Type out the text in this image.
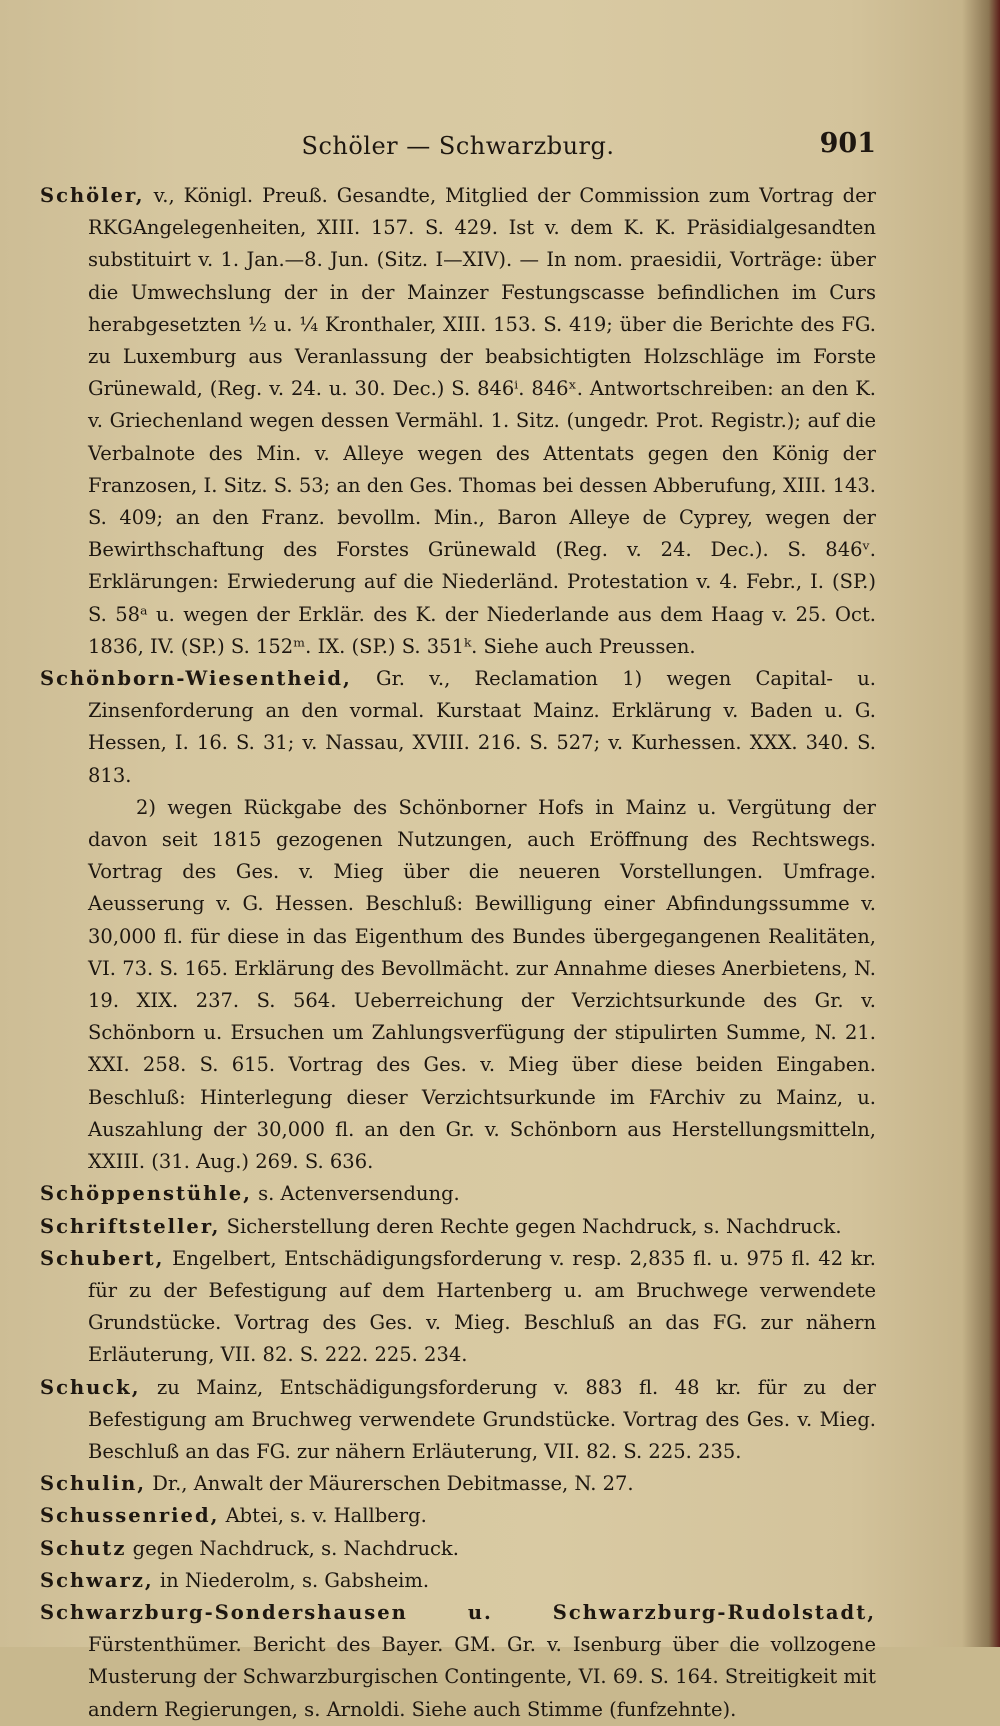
Schöler — Schwarzburg.	901

Schöler, v., Königl. Preuß. Gesandte, Mitglied der Commission zum Vortrag der RKGAngelegenheiten, XIII. 157. S. 429. Ist v. dem K. K. Präsidialgesandten substituirt v. 1. Jan.—8. Jun. (Sitz. I—XIV). — In nom. praesidii, Vorträge: über die Umwechslung der in der Mainzer Festungscasse befindlichen im Curs herabgesetzten ½ u. ¼ Kronthaler, XIII. 153. S. 419; über die Berichte des FG. zu Luxemburg aus Veranlassung der beabsichtigten Holzschläge im Forste Grünewald, (Reg. v. 24. u. 30. Dec.) S. 846ⁱ. 846ˣ. Antwortschreiben: an den K. v. Griechenland wegen dessen Vermähl. 1. Sitz. (ungedr. Prot. Registr.); auf die Verbalnote des Min. v. Alleye wegen des Attentats gegen den König der Franzosen, I. Sitz. S. 53; an den Ges. Thomas bei dessen Abberufung, XIII. 143. S. 409; an den Franz. bevollm. Min., Baron Alleye de Cyprey, wegen der Bewirthschaftung des Forstes Grünewald (Reg. v. 24. Dec.). S. 846ᵛ. Erklärungen: Erwiederung auf die Niederländ. Protestation v. 4. Febr., I. (SP.) S. 58ᵃ u. wegen der Erklär. des K. der Niederlande aus dem Haag v. 25. Oct. 1836, IV. (SP.) S. 152ᵐ. IX. (SP.) S. 351ᵏ. Siehe auch Preussen.

Schönborn-Wiesentheid, Gr. v., Reclamation 1) wegen Capital- u. Zinsenforderung an den vormal. Kurstaat Mainz. Erklärung v. Baden u. G. Hessen, I. 16. S. 31; v. Nassau, XVIII. 216. S. 527; v. Kurhessen. XXX. 340. S. 813.

2) wegen Rückgabe des Schönborner Hofs in Mainz u. Vergütung der davon seit 1815 gezogenen Nutzungen, auch Eröffnung des Rechtswegs. Vortrag des Ges. v. Mieg über die neueren Vorstellungen. Umfrage. Aeusserung v. G. Hessen. Beschluß: Bewilligung einer Abfindungssumme v. 30,000 fl. für diese in das Eigenthum des Bundes übergegangenen Realitäten, VI. 73. S. 165. Erklärung des Bevollmächt. zur Annahme dieses Anerbietens, N. 19. XIX. 237. S. 564. Ueberreichung der Verzichtsurkunde des Gr. v. Schönborn u. Ersuchen um Zahlungsverfügung der stipulirten Summe, N. 21. XXI. 258. S. 615. Vortrag des Ges. v. Mieg über diese beiden Eingaben. Beschluß: Hinterlegung dieser Verzichtsurkunde im FArchiv zu Mainz, u. Auszahlung der 30,000 fl. an den Gr. v. Schönborn aus Herstellungsmitteln, XXIII. (31. Aug.) 269. S. 636.

Schöppenstühle, s. Actenversendung.

Schriftsteller, Sicherstellung deren Rechte gegen Nachdruck, s. Nachdruck.

Schubert, Engelbert, Entschädigungsforderung v. resp. 2,835 fl. u. 975 fl. 42 kr. für zu der Befestigung auf dem Hartenberg u. am Bruchwege verwendete Grundstücke. Vortrag des Ges. v. Mieg. Beschluß an das FG. zur nähern Erläuterung, VII. 82. S. 222. 225. 234.

Schuck, zu Mainz, Entschädigungsforderung v. 883 fl. 48 kr. für zu der Befestigung am Bruchweg verwendete Grundstücke. Vortrag des Ges. v. Mieg. Beschluß an das FG. zur nähern Erläuterung, VII. 82. S. 225. 235.

Schulin, Dr., Anwalt der Mäurerschen Debitmasse, N. 27.

Schussenried, Abtei, s. v. Hallberg.

Schutz gegen Nachdruck, s. Nachdruck.

Schwarz, in Niederolm, s. Gabsheim.

Schwarzburg-Sondershausen u. Schwarzburg-Rudolstadt, Fürstenthümer. Bericht des Bayer. GM. Gr. v. Isenburg über die vollzogene Musterung der Schwarzburgischen Contingente, VI. 69. S. 164. Streitigkeit mit andern Regierungen, s. Arnoldi. Siehe auch Stimme (funfzehnte).
